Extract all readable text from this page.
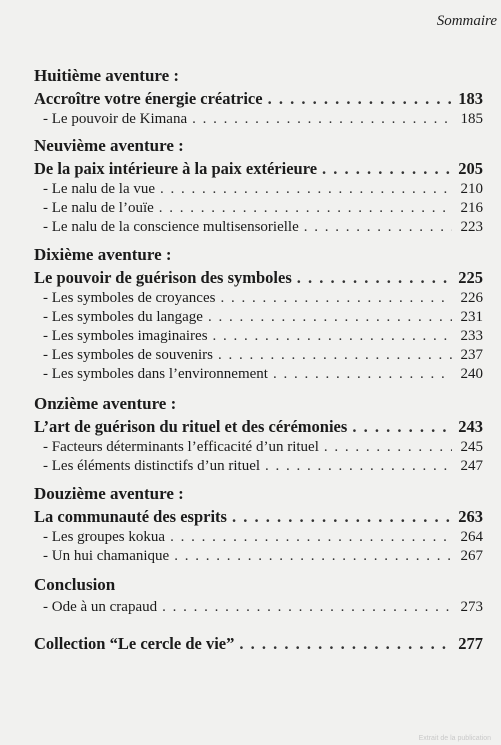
Sommaire
Huitième aventure :
Accroître votre énergie créatrice . . .	183
- Le pouvoir de Kimana . . .	185
Neuvième aventure :
De la paix intérieure à la paix extérieure . . .	205
- Le nalu de la vue . . .	210
- Le nalu de l’ouïe . . .	216
- Le nalu de la conscience multisensorielle . . .	223
Dixième aventure :
Le pouvoir de guérison des symboles . . .	225
- Les symboles de croyances . . .	226
- Les symboles du langage . . .	231
- Les symboles imaginaires . . .	233
- Les symboles de souvenirs . . .	237
- Les symboles dans l’environnement . . .	240
Onzième aventure :
L’art de guérison du rituel et des cérémonies . . .	243
- Facteurs déterminants l’efficacité d’un rituel . . .	245
- Les éléments distinctifs d’un rituel . . .	247
Douzième aventure :
La communauté des esprits . . .	263
- Les groupes kokua . . .	264
- Un hui chamanique . . .	267
Conclusion
- Ode à un crapaud . . .	273
Collection “Le cercle de vie” . . .	277
Extrait de la publication
